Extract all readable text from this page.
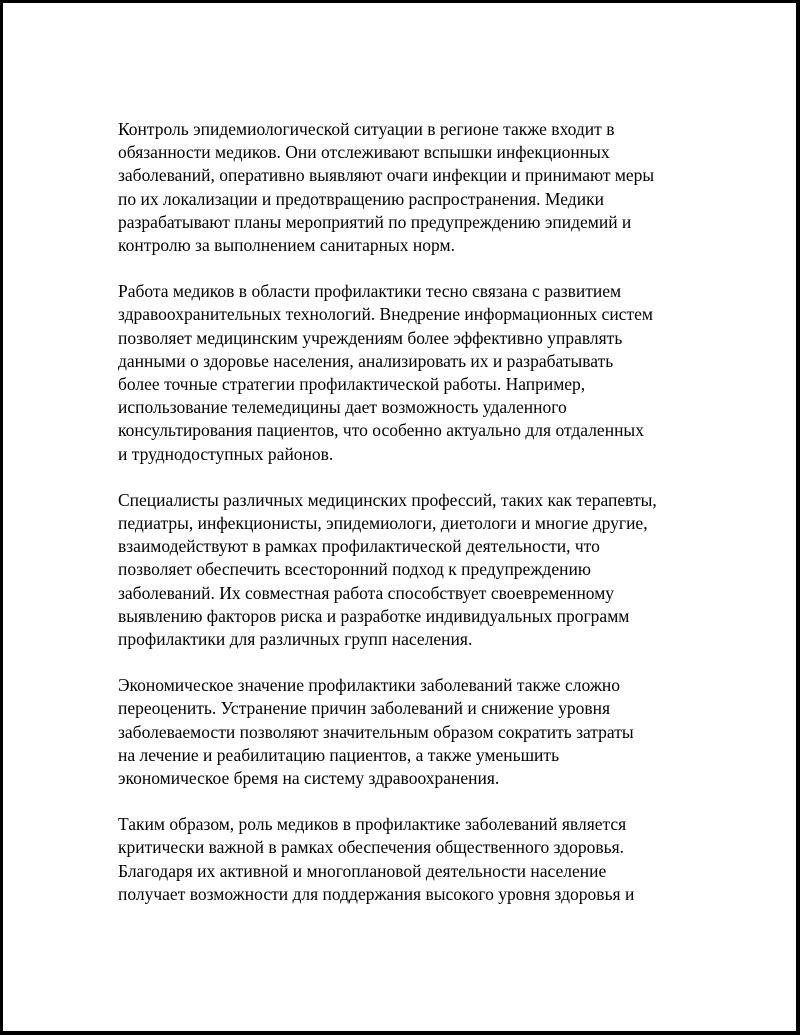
Контроль эпидемиологической ситуации в регионе также входит в
обязанности медиков. Они отслеживают вспышки инфекционных
заболеваний, оперативно выявляют очаги инфекции и принимают меры
по их локализации и предотвращению распространения. Медики
разрабатывают планы мероприятий по предупреждению эпидемий и
контролю за выполнением санитарных норм.

Работа медиков в области профилактики тесно связана с развитием
здравоохранительных технологий. Внедрение информационных систем
позволяет медицинским учреждениям более эффективно управлять
данными о здоровье населения, анализировать их и разрабатывать
более точные стратегии профилактической работы. Например,
использование телемедицины дает возможность удаленного
консультирования пациентов, что особенно актуально для отдаленных
и труднодоступных районов.

Специалисты различных медицинских профессий, таких как терапевты,
педиатры, инфекционисты, эпидемиологи, диетологи и многие другие,
взаимодействуют в рамках профилактической деятельности, что
позволяет обеспечить всесторонний подход к предупреждению
заболеваний. Их совместная работа способствует своевременному
выявлению факторов риска и разработке индивидуальных программ
профилактики для различных групп населения.

Экономическое значение профилактики заболеваний также сложно
переоценить. Устранение причин заболеваний и снижение уровня
заболеваемости позволяют значительным образом сократить затраты
на лечение и реабилитацию пациентов, а также уменьшить
экономическое бремя на систему здравоохранения.

Таким образом, роль медиков в профилактике заболеваний является
критически важной в рамках обеспечения общественного здоровья.
Благодаря их активной и многоплановой деятельности население
получает возможности для поддержания высокого уровня здоровья и
